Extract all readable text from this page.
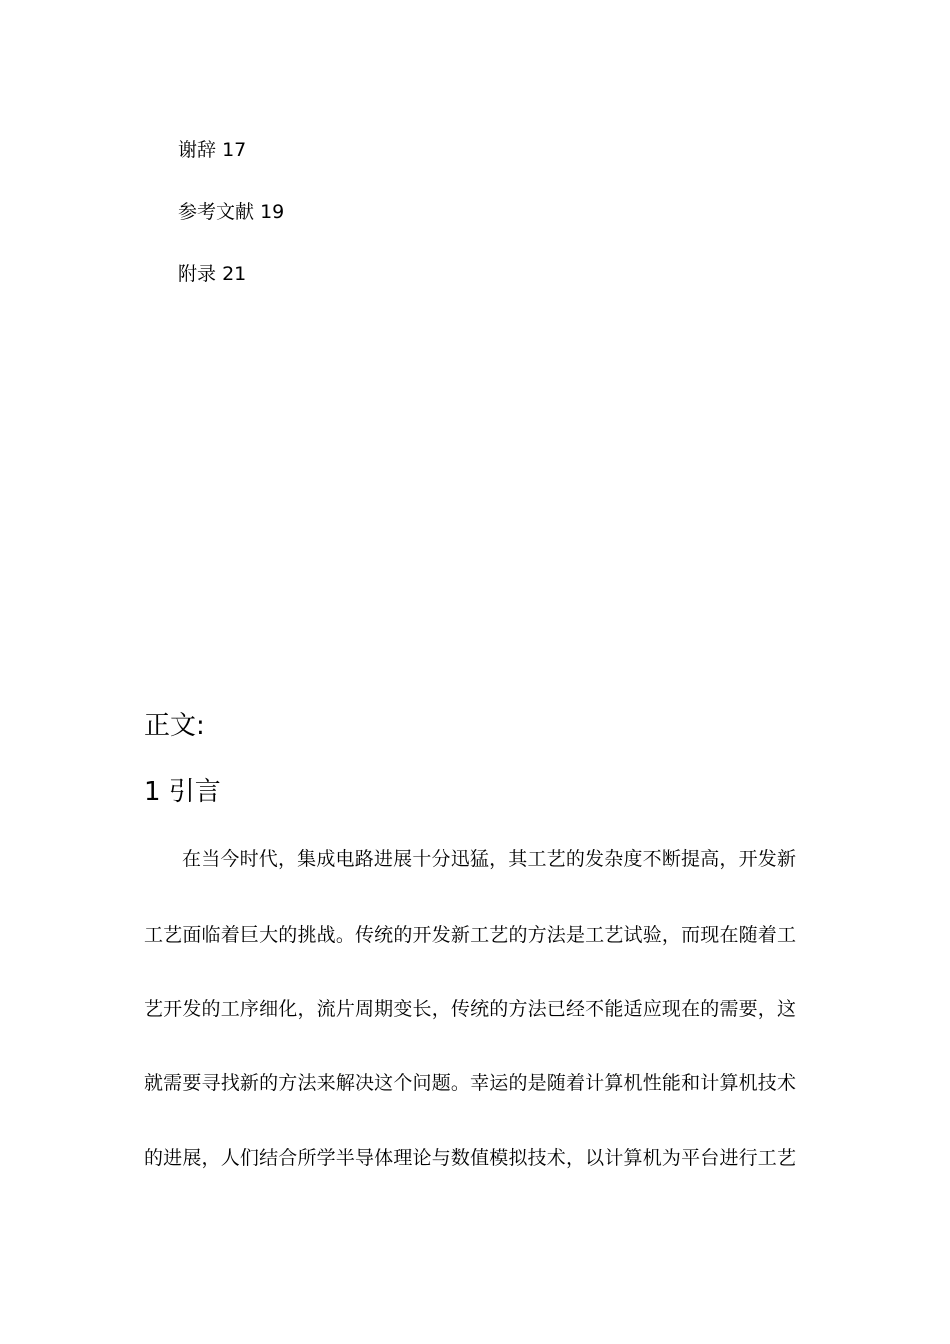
谢辞 17
参考文献 19
附录 21
正文:
1 引言
在当今时代，集成电路进展十分迅猛，其工艺的发杂度不断提高，开发新
工艺面临着巨大的挑战。传统的开发新工艺的方法是工艺试验，而现在随着工
艺开发的工序细化，流片周期变长，传统的方法已经不能适应现在的需要，这
就需要寻找新的方法来解决这个问题。幸运的是随着计算机性能和计算机技术
的进展，人们结合所学半导体理论与数值模拟技术，以计算机为平台进行工艺
